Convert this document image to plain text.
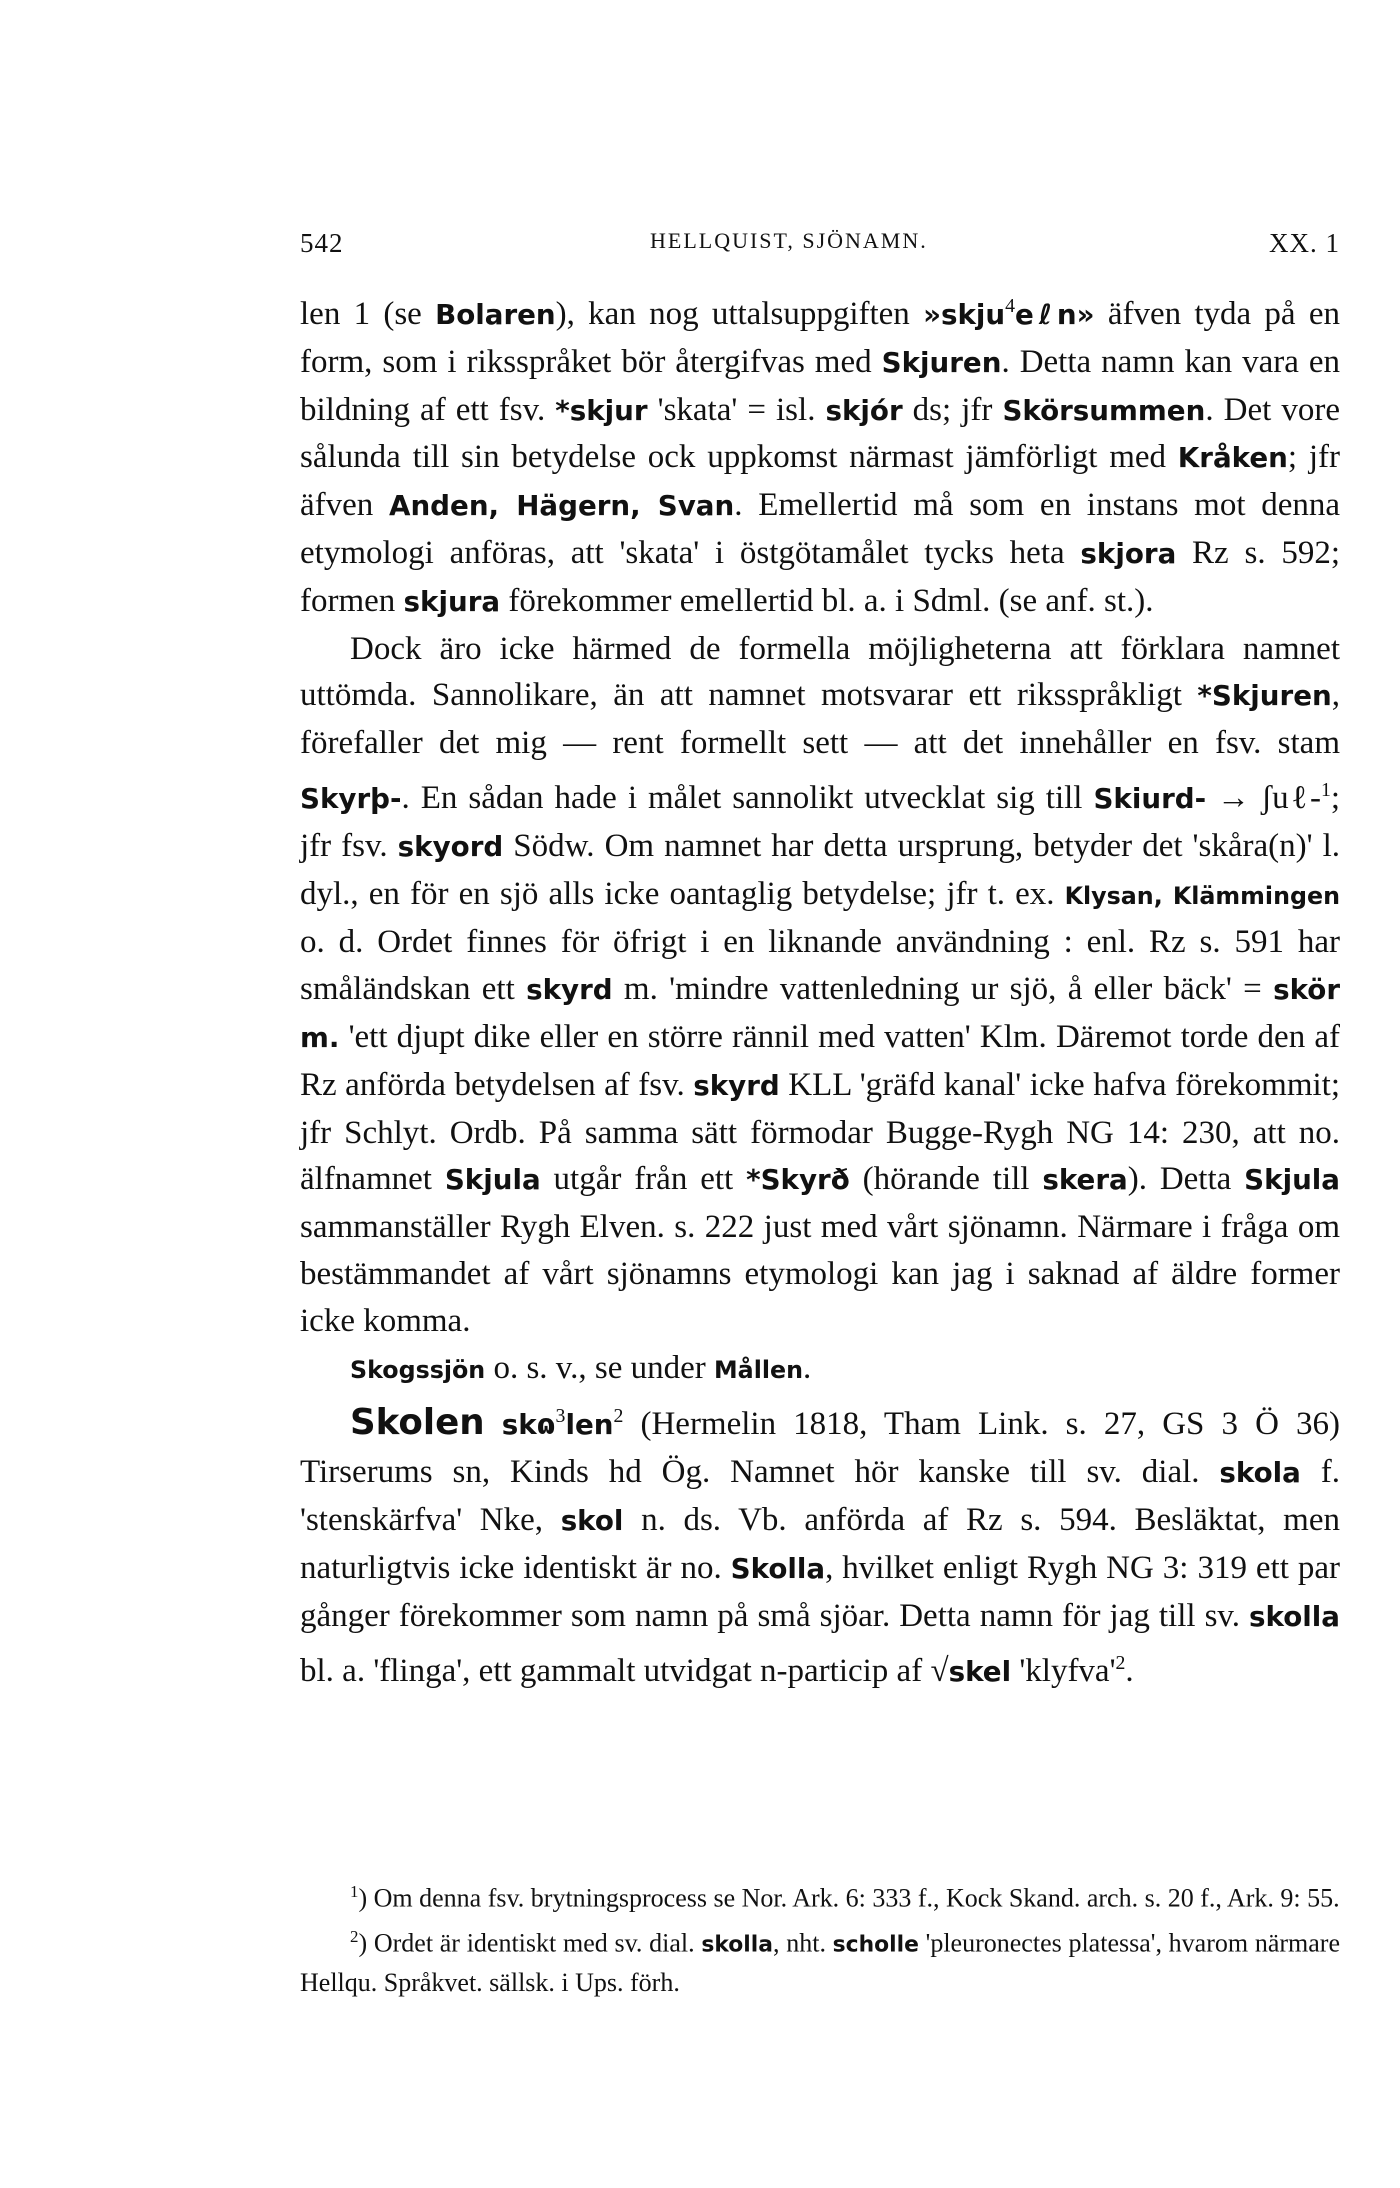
542	HELLQUIST, SJÖNAMN.	XX. 1

len 1 (se Bolaren), kan nog uttalsuppgiften »skju$^4$eℓn» äfven tyda på en form, som i riksspråket bör återgifvas med Skjuren. Detta namn kan vara en bildning af ett fsv. *skjur 'skata' = isl. skjór ds; jfr Skörsummen. Det vore sålunda till sin betydelse ock uppkomst närmast jämförligt med Kråken; jfr äfven Anden, Hägern, Svan. Emellertid må som en instans mot denna etymologi anföras, att 'skata' i östgötamålet tycks heta skjora Rz s. 592; formen skjura förekommer emellertid bl. a. i Sdml. (se anf. st.).

Dock äro icke härmed de formella möjligheterna att förklara namnet uttömda. Sannolikare, än att namnet motsvarar ett riksspråkligt *Skjuren, förefaller det mig — rent formellt sett — att det innehåller en fsv. stam Skyrþ-. En sådan hade i målet sannolikt utvecklat sig till Skiurd- → ʃuℓ-$^1$; jfr fsv. skyord Södw. Om namnet har detta ursprung, betyder det 'skåra(n)' l. dyl., en för en sjö alls icke oantaglig betydelse; jfr t. ex. Klysan, Klämmingen o. d. Ordet finnes för öfrigt i en liknande användning : enl. Rz s. 591 har småländskan ett skyrd m. 'mindre vattenledning ur sjö, å eller bäck' = skör m. 'ett djupt dike eller en större rännil med vatten' Klm. Däremot torde den af Rz anförda betydelsen af fsv. skyrd KLL 'gräfd kanal' icke hafva förekommit; jfr Schlyt. Ordb. På samma sätt förmodar Bugge-Rygh NG 14: 230, att no. älfnamnet Skjula utgår från ett *Skyrð (hörande till skera). Detta Skjula sammanställer Rygh Elven. s. 222 just med vårt sjönamn. Närmare i fråga om bestämmandet af vårt sjönamns etymologi kan jag i saknad af äldre former icke komma.

Skogssjön o. s. v., se under Mållen.

Skolen skɷ$^3$len$^2$ (Hermelin 1818, Tham Link. s. 27, GS 3 Ö 36) Tirserums sn, Kinds hd Ög. Namnet hör kanske till sv. dial. skola f. 'stenskärfva' Nke, skol n. ds. Vb. anförda af Rz s. 594. Besläktat, men naturligtvis icke identiskt är no. Skolla, hvilket enligt Rygh NG 3: 319 ett par gånger förekommer som namn på små sjöar. Detta namn för jag till sv. skolla bl. a. 'flinga', ett gammalt utvidgat n-particip af √skel '$klyfva'^2$.

$^1$) Om denna fsv. brytningsprocess se Nor. Ark. 6: 333 f., Kock Skand. arch. s. 20 f., Ark. 9: 55.

$^2$) Ordet är identiskt med sv. dial. skolla, nht. scholle 'pleuronectes platessa', hvarom närmare Hellqu. Språkvet. sällsk. i Ups. förh.
